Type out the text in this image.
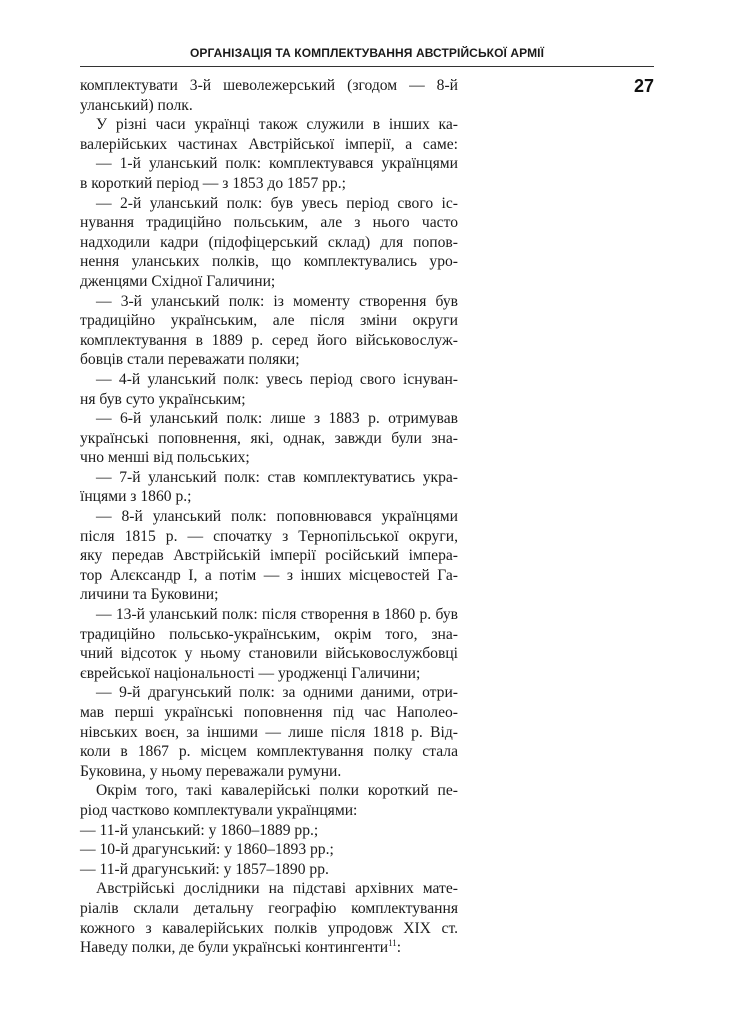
ОРГАНІЗАЦІЯ ТА КОМПЛЕКТУВАННЯ АВСТРІЙСЬКОЇ АРМІЇ
27
комплектувати 3-й шеволежерський (згодом — 8-й
уланський) полк.
У різні часи українці також служили в інших ка-
валерійських частинах Австрійської імперії, а саме:
— 1-й уланський полк: комплектувався українцями
в короткий період — з 1853 до 1857 рр.;
— 2-й уланський полк: був увесь період свого іс-
нування традиційно польським, але з нього часто
надходили кадри (підофіцерський склад) для попов-
нення уланських полків, що комплектувались уро-
дженцями Східної Галичини;
— 3-й уланський полк: із моменту створення був
традиційно українським, але після зміни округи
комплектування в 1889 р. серед його військовослуж-
бовців стали переважати поляки;
— 4-й уланський полк: увесь період свого існуван-
ня був суто українським;
— 6-й уланський полк: лише з 1883 р. отримував
українські поповнення, які, однак, завжди були зна-
чно менші від польських;
— 7-й уланський полк: став комплектуватись укра-
їнцями з 1860 р.;
— 8-й уланський полк: поповнювався українцями
після 1815 р. — спочатку з Тернопільської округи,
яку передав Австрійській імперії російський імпера-
тор Алєксандр І, а потім — з інших місцевостей Га-
личини та Буковини;
— 13-й уланський полк: після створення в 1860 р. був
традиційно польсько-українським, окрім того, зна-
чний відсоток у ньому становили військовослужбовці
єврейської національності — уродженці Галичини;
— 9-й драгунський полк: за одними даними, отри-
мав перші українські поповнення під час Наполео-
нівських воєн, за іншими — лише після 1818 р. Від-
коли в 1867 р. місцем комплектування полку стала
Буковина, у ньому переважали румуни.
Окрім того, такі кавалерійські полки короткий пе-
ріод частково комплектували українцями:
— 11-й уланський: у 1860–1889 рр.;
— 10-й драгунський: у 1860–1893 рр.;
— 11-й драгунський: у 1857–1890 рр.
Австрійські дослідники на підставі архівних мате-
ріалів склали детальну географію комплектування
кожного з кавалерійських полків упродовж XIX ст.
Наведу полки, де були українські контингенти$^{11}$:
